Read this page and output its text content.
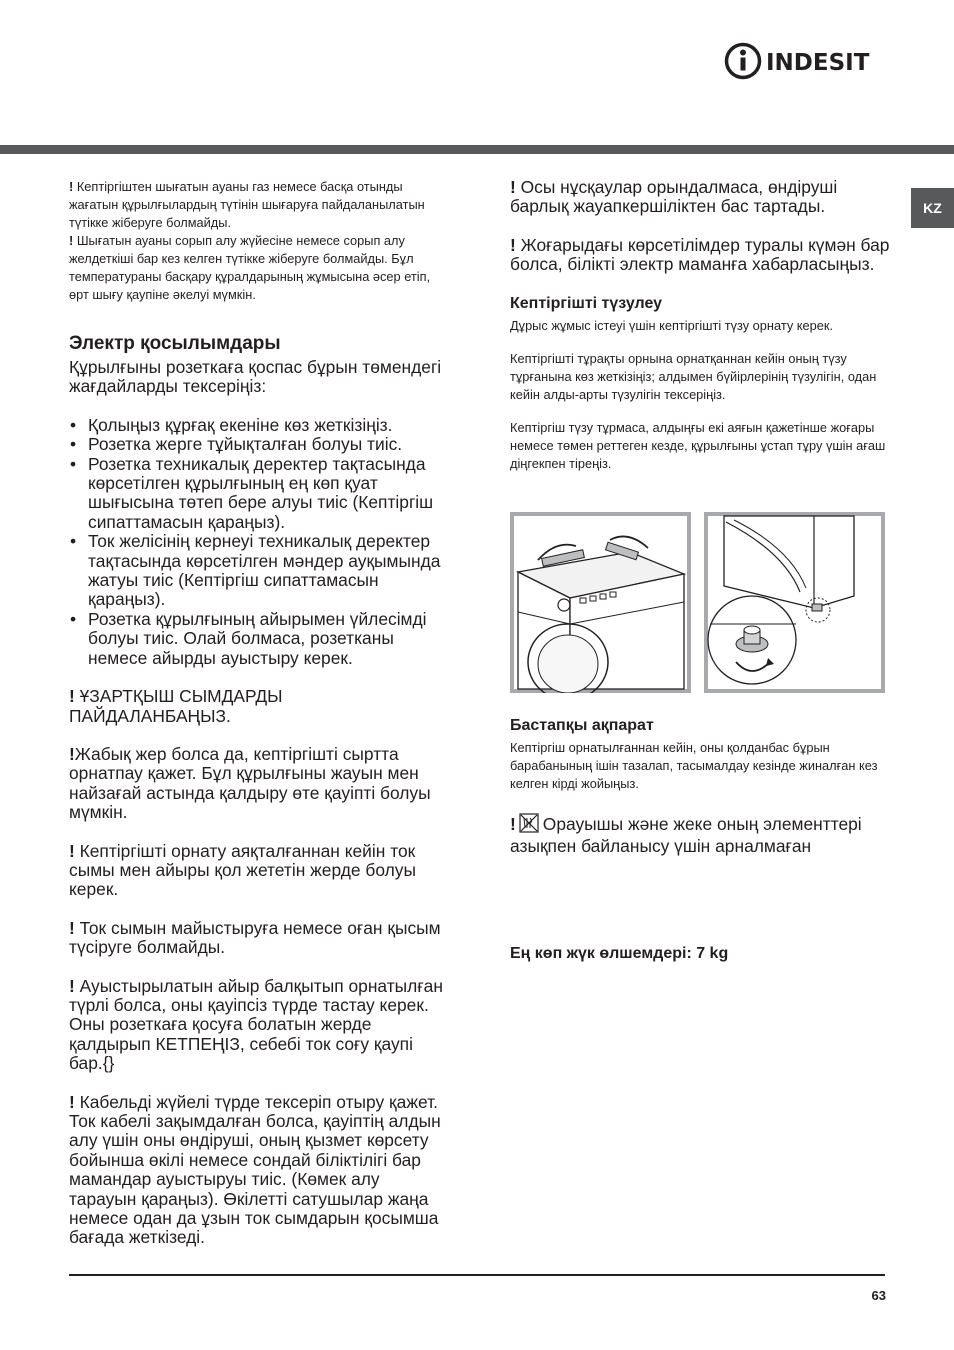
INDESIT
KZ

! Кептіргіштен шығатын ауаны газ немесе басқа отынды жағатын құрылғылардың түтінін шығаруға пайдаланылатын түтікке жіберуге болмайды.

! Шығатын ауаны сорып алу жүйесіне немесе сорып алу желдеткіші бар кез келген түтікке жіберуге болмайды. Бұл температураны басқару құралдарының жұмысына әсер етіп, өрт шығу қаупіне әкелуі мүмкін.

Электр қосылымдары

Құрылғыны розеткаға қоспас бұрын төмендегі жағдайларды тексеріңіз:

• Қолыңыз құрғақ екеніне көз жеткізіңіз.
• Розетка жерге тұйықталған болуы тиіс.
• Розетка техникалық деректер тақтасында көрсетілген құрылғының ең көп қуат шығысына төтеп бере алуы тиіс (Кептіргіш сипаттамасын қараңыз).
• Ток желісінің кернеуі техникалық деректер тақтасында көрсетілген мәндер ауқымында жатуы тиіс (Кептіргіш сипаттамасын қараңыз).
• Розетка құрылғының айырымен үйлесімді болуы тиіс. Олай болмаса, розетканы немесе айырды ауыстыру керек.

! ҰЗАРТҚЫШ СЫМДАРДЫ ПАЙДАЛАНБАҢЫЗ.

!Жабық жер болса да, кептіргішті сыртта орнатпау қажет. Бұл құрылғыны жауын мен найзағай астында қалдыру өте қауіпті болуы мүмкін.

! Кептіргішті орнату аяқталғаннан кейін ток сымы мен айыры қол жететін жерде болуы керек.

! Ток сымын майыстыруға немесе оған қысым түсіруге болмайды.

! Ауыстырылатын айыр балқытып орнатылған түрлі болса, оны қауіпсіз түрде тастау керек. Оны розеткаға қосуға болатын жерде қалдырып КЕТПЕҢІЗ, себебі ток соғу қаупі бар.{}

! Кабельді жүйелі түрде тексеріп отыру қажет. Ток кабелі зақымдалған болса, қауіптің алдын алу үшін оны өндіруші, оның қызмет көрсету бойынша өкілі немесе сондай біліктілігі бар мамандар ауыстыруы тиіс. (Көмек алу тарауын қараңыз). Өкілетті сатушылар жаңа немесе одан да ұзын ток сымдарын қосымша бағада жеткізеді.

! Осы нұсқаулар орындалмаса, өндіруші барлық жауапкершіліктен бас тартады.

! Жоғарыдағы көрсетілімдер туралы күмән бар болса, білікті электр маманға хабарласыңыз.

Кептіргішті түзулеу

Дұрыс жұмыс істеуі үшін кептіргішті түзу орнату керек.

Кептіргішті тұрақты орнына орнатқаннан кейін оның түзу тұрғанына көз жеткізіңіз; алдымен бүйірлерінің түзулігін, одан кейін алды-арты түзулігін тексеріңіз.

Кептіргіш түзу тұрмаса, алдыңғы екі аяғын қажетінше жоғары немесе төмен реттеген кезде, құрылғыны ұстап тұру үшін ағаш діңгекпен тіреңіз.

Бастапқы ақпарат

Кептіргіш орнатылғаннан кейін, оны қолданбас бұрын барабанының ішін тазалап, тасымалдау кезінде жиналған кез келген кірді жойыңыз.

! Орауышы және жеке оның элементтері азықпен байланысу үшін арналмаған

Ең көп жүк өлшемдері: 7 kg

63
